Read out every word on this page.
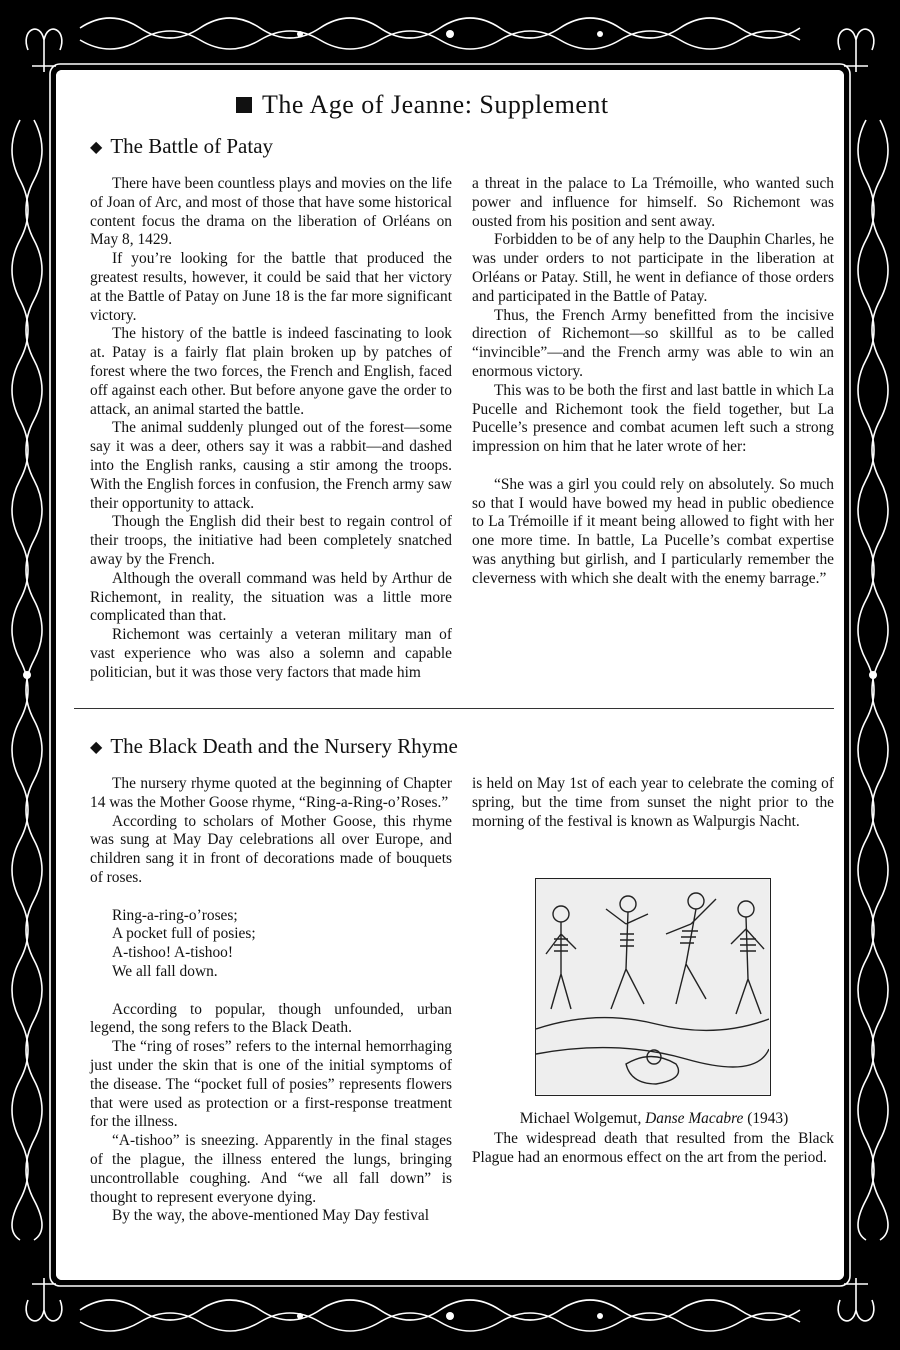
The Age of Jeanne: Supplement
◆ The Battle of Patay

There have been countless plays and movies on the life of Joan of Arc, and most of those that have some historical content focus the drama on the liberation of Orléans on May 8, 1429.

If you’re looking for the battle that produced the greatest results, however, it could be said that her victory at the Battle of Patay on June 18 is the far more significant victory.

The history of the battle is indeed fascinating to look at. Patay is a fairly flat plain broken up by patches of forest where the two forces, the French and English, faced off against each other. But before anyone gave the order to attack, an animal started the battle.

The animal suddenly plunged out of the forest—some say it was a deer, others say it was a rabbit—and dashed into the English ranks, causing a stir among the troops. With the English forces in confusion, the French army saw their opportunity to attack.

Though the English did their best to regain control of their troops, the initiative had been completely snatched away by the French.

Although the overall command was held by Arthur de Richemont, in reality, the situation was a little more complicated than that.

Richemont was certainly a veteran military man of vast experience who was also a solemn and capable politician, but it was those very factors that made him

a threat in the palace to La Trémoille, who wanted such power and influence for himself. So Richemont was ousted from his position and sent away.

Forbidden to be of any help to the Dauphin Charles, he was under orders to not participate in the liberation at Orléans or Patay. Still, he went in defiance of those orders and participated in the Battle of Patay.

Thus, the French Army benefitted from the incisive direction of Richemont—so skillful as to be called “invincible”—and the French army was able to win an enormous victory.

This was to be both the first and last battle in which La Pucelle and Richemont took the field together, but La Pucelle’s presence and combat acumen left such a strong impression on him that he later wrote of her:

“She was a girl you could rely on absolutely. So much so that I would have bowed my head in public obedience to La Trémoille if it meant being allowed to fight with her one more time. In battle, La Pucelle’s combat expertise was anything but girlish, and I particularly remember the cleverness with which she dealt with the enemy barrage.”

◆ The Black Death and the Nursery Rhyme

The nursery rhyme quoted at the beginning of Chapter 14 was the Mother Goose rhyme, “Ring-a-Ring-o’Roses.”

According to scholars of Mother Goose, this rhyme was sung at May Day celebrations all over Europe, and children sang it in front of decorations made of bouquets of roses.

Ring-a-ring-o’roses;

A pocket full of posies;

A-tishoo! A-tishoo!

We all fall down.

According to popular, though unfounded, urban legend, the song refers to the Black Death.

The “ring of roses” refers to the internal hemorrhaging just under the skin that is one of the initial symptoms of the disease. The “pocket full of posies” represents flowers that were used as protection or a first-response treatment for the illness.

“A-tishoo” is sneezing. Apparently in the final stages of the plague, the illness entered the lungs, bringing uncontrollable coughing. And “we all fall down” is thought to represent everyone dying.

By the way, the above-mentioned May Day festival

is held on May 1st of each year to celebrate the coming of spring, but the time from sunset the night prior to the morning of the festival is known as Walpurgis Nacht.

Michael Wolgemut, Danse Macabre (1943)

The widespread death that resulted from the Black Plague had an enormous effect on the art from the period.
